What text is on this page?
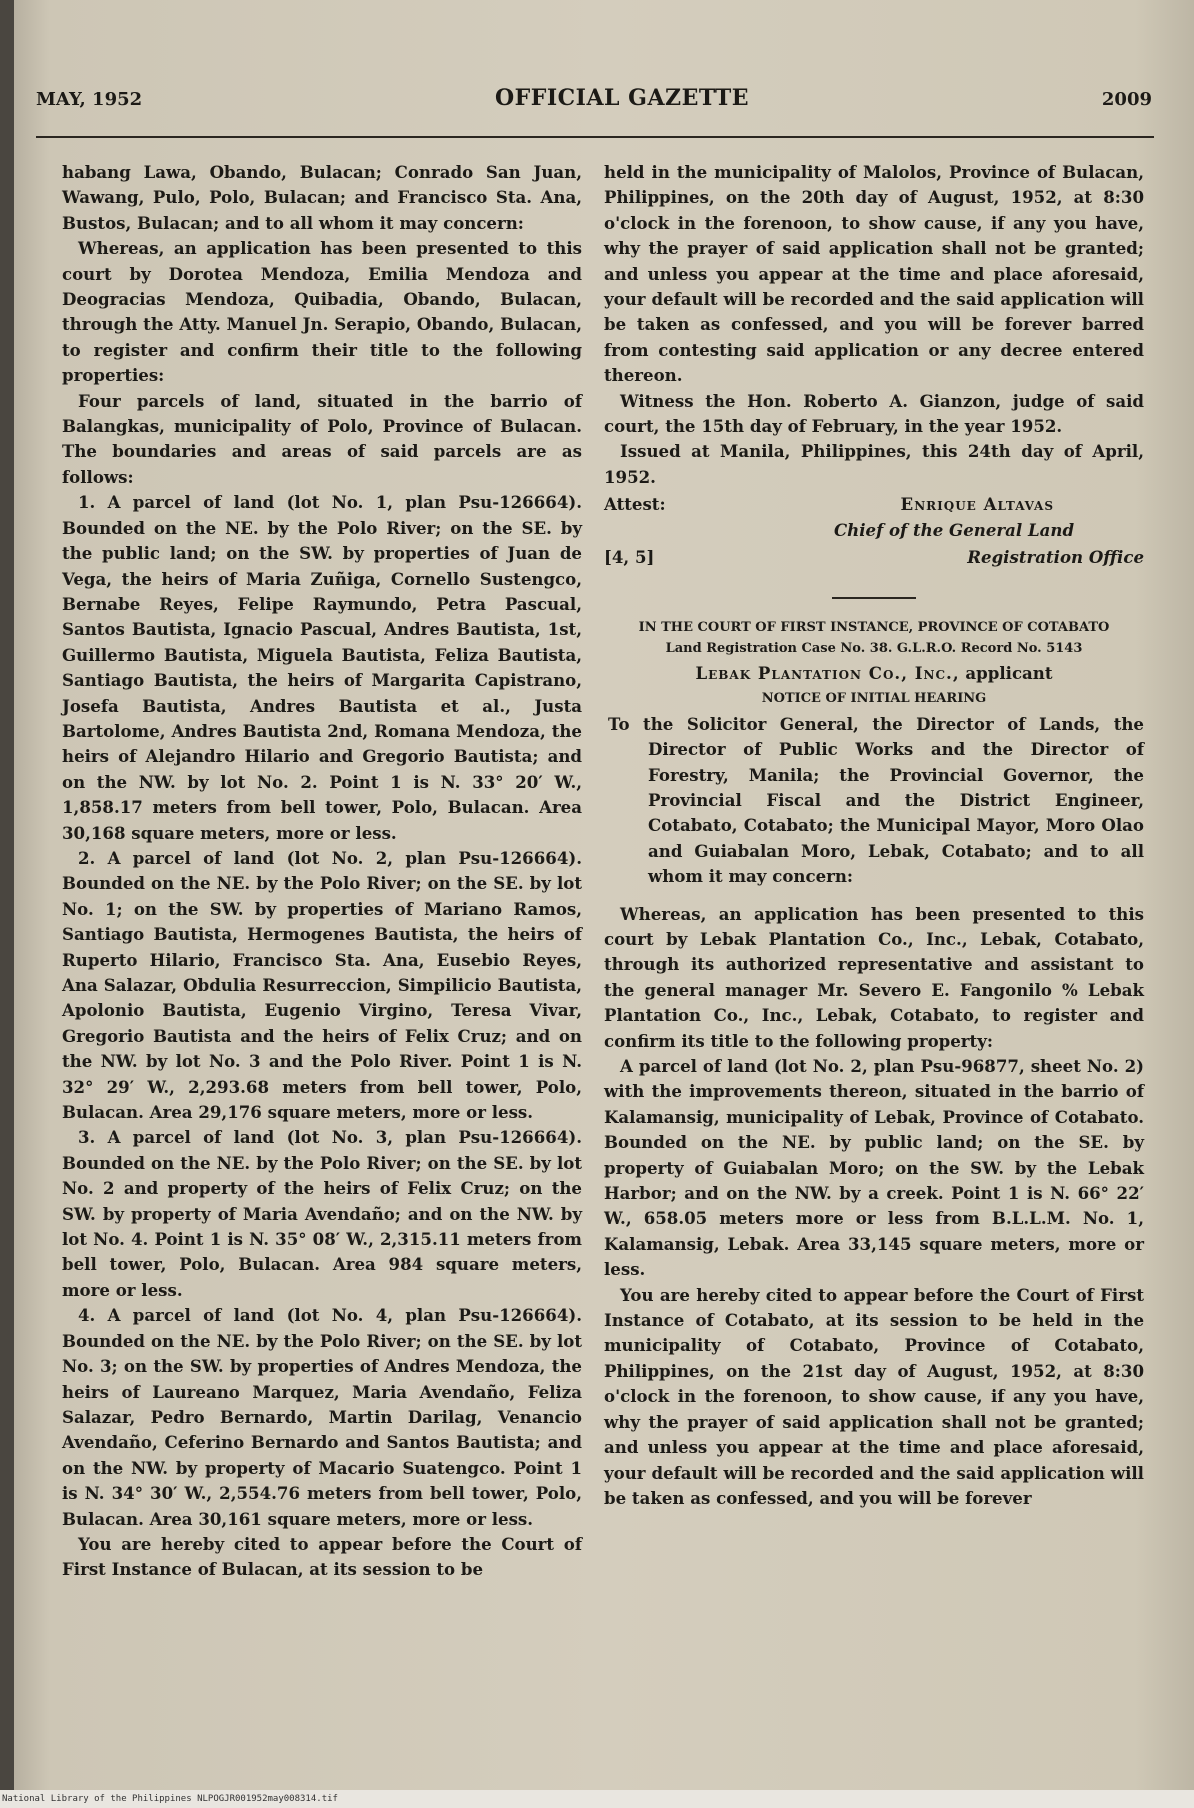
MAY, 1952	OFFICIAL GAZETTE	2009

habang Lawa, Obando, Bulacan; Conrado San Juan, Wawang, Pulo, Polo, Bulacan; and Francisco Sta. Ana, Bustos, Bulacan; and to all whom it may concern:

Whereas, an application has been presented to this court by Dorotea Mendoza, Emilia Mendoza and Deogracias Mendoza, Quibadia, Obando, Bulacan, through the Atty. Manuel Jn. Serapio, Obando, Bulacan, to register and confirm their title to the following properties:

Four parcels of land, situated in the barrio of Balangkas, municipality of Polo, Province of Bulacan. The boundaries and areas of said parcels are as follows:

1. A parcel of land (lot No. 1, plan Psu-126664). Bounded on the NE. by the Polo River; on the SE. by the public land; on the SW. by properties of Juan de Vega, the heirs of Maria Zuñiga, Cornello Sustengco, Bernabe Reyes, Felipe Raymundo, Petra Pascual, Santos Bautista, Ignacio Pascual, Andres Bautista, 1st, Guillermo Bautista, Miguela Bautista, Feliza Bautista, Santiago Bautista, the heirs of Margarita Capistrano, Josefa Bautista, Andres Bautista et al., Justa Bartolome, Andres Bautista 2nd, Romana Mendoza, the heirs of Alejandro Hilario and Gregorio Bautista; and on the NW. by lot No. 2. Point 1 is N. 33° 20′ W., 1,858.17 meters from bell tower, Polo, Bulacan. Area 30,168 square meters, more or less.

2. A parcel of land (lot No. 2, plan Psu-126664). Bounded on the NE. by the Polo River; on the SE. by lot No. 1; on the SW. by properties of Mariano Ramos, Santiago Bautista, Hermogenes Bautista, the heirs of Ruperto Hilario, Francisco Sta. Ana, Eusebio Reyes, Ana Salazar, Obdulia Resurreccion, Simpilicio Bautista, Apolonio Bautista, Eugenio Virgino, Teresa Vivar, Gregorio Bautista and the heirs of Felix Cruz; and on the NW. by lot No. 3 and the Polo River. Point 1 is N. 32° 29′ W., 2,293.68 meters from bell tower, Polo, Bulacan. Area 29,176 square meters, more or less.

3. A parcel of land (lot No. 3, plan Psu-126664). Bounded on the NE. by the Polo River; on the SE. by lot No. 2 and property of the heirs of Felix Cruz; on the SW. by property of Maria Avendaño; and on the NW. by lot No. 4. Point 1 is N. 35° 08′ W., 2,315.11 meters from bell tower, Polo, Bulacan. Area 984 square meters, more or less.

4. A parcel of land (lot No. 4, plan Psu-126664). Bounded on the NE. by the Polo River; on the SE. by lot No. 3; on the SW. by properties of Andres Mendoza, the heirs of Laureano Marquez, Maria Avendaño, Feliza Salazar, Pedro Bernardo, Martin Darilag, Venancio Avendaño, Ceferino Bernardo and Santos Bautista; and on the NW. by property of Macario Suatengco. Point 1 is N. 34° 30′ W., 2,554.76 meters from bell tower, Polo, Bulacan. Area 30,161 square meters, more or less.

You are hereby cited to appear before the Court of First Instance of Bulacan, at its session to be

held in the municipality of Malolos, Province of Bulacan, Philippines, on the 20th day of August, 1952, at 8:30 o'clock in the forenoon, to show cause, if any you have, why the prayer of said application shall not be granted; and unless you appear at the time and place aforesaid, your default will be recorded and the said application will be taken as confessed, and you will be forever barred from contesting said application or any decree entered thereon.

Witness the Hon. Roberto A. Gianzon, judge of said court, the 15th day of February, in the year 1952.

Issued at Manila, Philippines, this 24th day of April, 1952.

Attest:	Enrique Altavas
Chief of the General Land
[4, 5]	Registration Office

IN THE COURT OF FIRST INSTANCE, PROVINCE OF COTABATO

Land Registration Case No. 38. G.L.R.O. Record No. 5143

Lebak Plantation Co., Inc., applicant

NOTICE OF INITIAL HEARING

To the Solicitor General, the Director of Lands, the Director of Public Works and the Director of Forestry, Manila; the Provincial Governor, the Provincial Fiscal and the District Engineer, Cotabato, Cotabato; the Municipal Mayor, Moro Olao and Guiabalan Moro, Lebak, Cotabato; and to all whom it may concern:

Whereas, an application has been presented to this court by Lebak Plantation Co., Inc., Lebak, Cotabato, through its authorized representative and assistant to the general manager Mr. Severo E. Fangonilo % Lebak Plantation Co., Inc., Lebak, Cotabato, to register and confirm its title to the following property:

A parcel of land (lot No. 2, plan Psu-96877, sheet No. 2) with the improvements thereon, situated in the barrio of Kalamansig, municipality of Lebak, Province of Cotabato. Bounded on the NE. by public land; on the SE. by property of Guiabalan Moro; on the SW. by the Lebak Harbor; and on the NW. by a creek. Point 1 is N. 66° 22′ W., 658.05 meters more or less from B.L.L.M. No. 1, Kalamansig, Lebak. Area 33,145 square meters, more or less.

You are hereby cited to appear before the Court of First Instance of Cotabato, at its session to be held in the municipality of Cotabato, Province of Cotabato, Philippines, on the 21st day of August, 1952, at 8:30 o'clock in the forenoon, to show cause, if any you have, why the prayer of said application shall not be granted; and unless you appear at the time and place aforesaid, your default will be recorded and the said application will be taken as confessed, and you will be forever

National Library of the Philippines NLPOGJR001952may008314.tif
